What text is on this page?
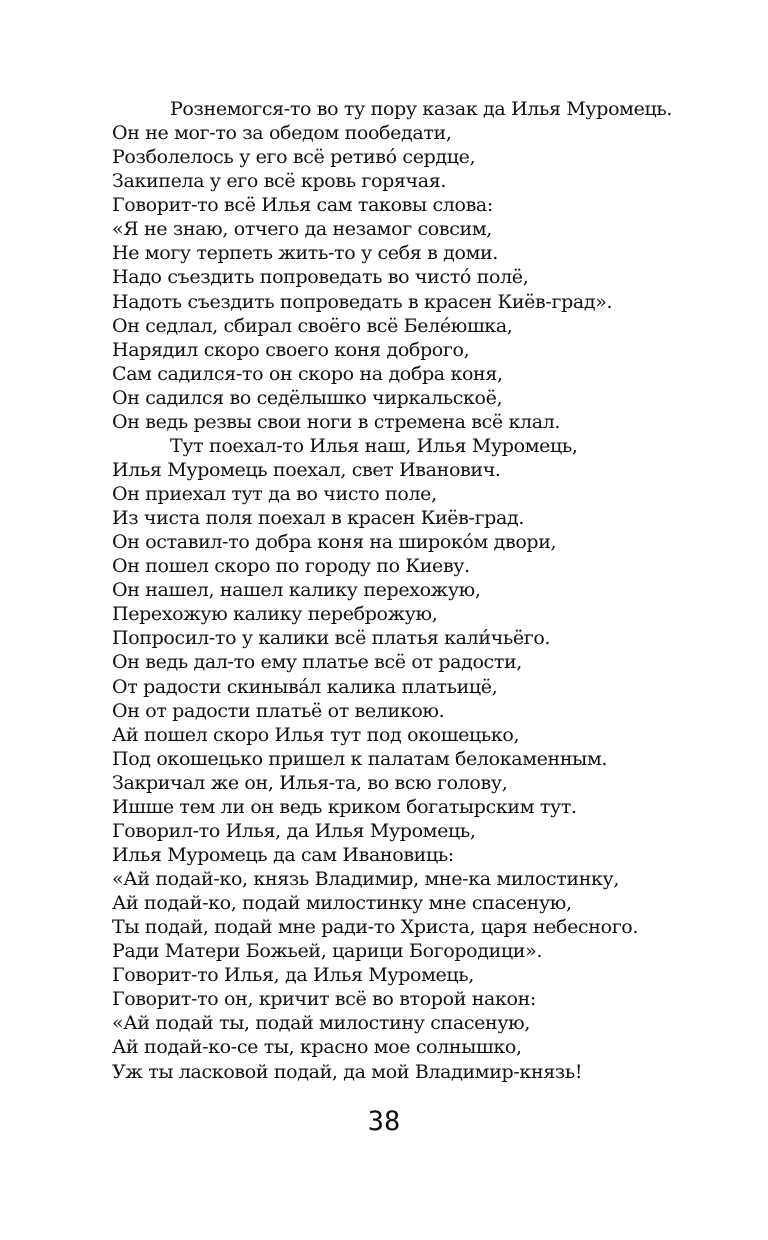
Рознемогся-то во ту пору казак да Илья Муромець.
Он не мог-то за обедом пообедати,
Розболелось у его всё ретиво́ сердце,
Закипела у его всё кровь горячая.
Говорит-то всё Илья сам таковы слова:
«Я не знаю, отчего да незамог совсим,
Не могу терпеть жить-то у себя в доми.
Надо съездить попроведать во чисто́ полё,
Надоть съездить попроведать в красен Киёв-град».
Он седлал, сбирал своёго всё Беле́юшка,
Нарядил скоро своего коня доброго,
Сам садился-то он скоро на добра коня,
Он садился во седёлышко чиркальскоё,
Он ведь резвы свои ноги в стремена всё клал.
Тут поехал-то Илья наш, Илья Муромець,
Илья Муромець поехал, свет Иванович.
Он приехал тут да во чисто поле,
Из чиста поля поехал в красен Киёв-град.
Он оставил-то добра коня на широко́м двори,
Он пошел скоро по городу по Киеву.
Он нашел, нашел калику перехожую,
Перехожую калику переброжую,
Попросил-то у калики всё платья кали́чьёго.
Он ведь дал-то ему платье всё от радости,
От радости скиныва́л калика платьицё,
Он от радости платьё от великою.
Ай пошел скоро Илья тут под окошецько,
Под окошецько пришел к палатам белокаменным.
Закричал же он, Илья-та, во всю голову,
Ишше тем ли он ведь криком богатырским тут.
Говорил-то Илья, да Илья Муромець,
Илья Муромець да сам Ивановиць:
«Ай подай-ко, князь Владимир, мне-ка милостинку,
Ай подай-ко, подай милостинку мне спасеную,
Ты подай, подай мне ради-то Христа, царя небесного.
Ради Матери Божьей, царици Богородици».
Говорит-то Илья, да Илья Муромець,
Говорит-то он, кричит всё во второй након:
«Ай подай ты, подай милостину спасеную,
Ай подай-ко-се ты, красно мое солнышко,
Уж ты ласковой подай, да мой Владимир-князь!
38
